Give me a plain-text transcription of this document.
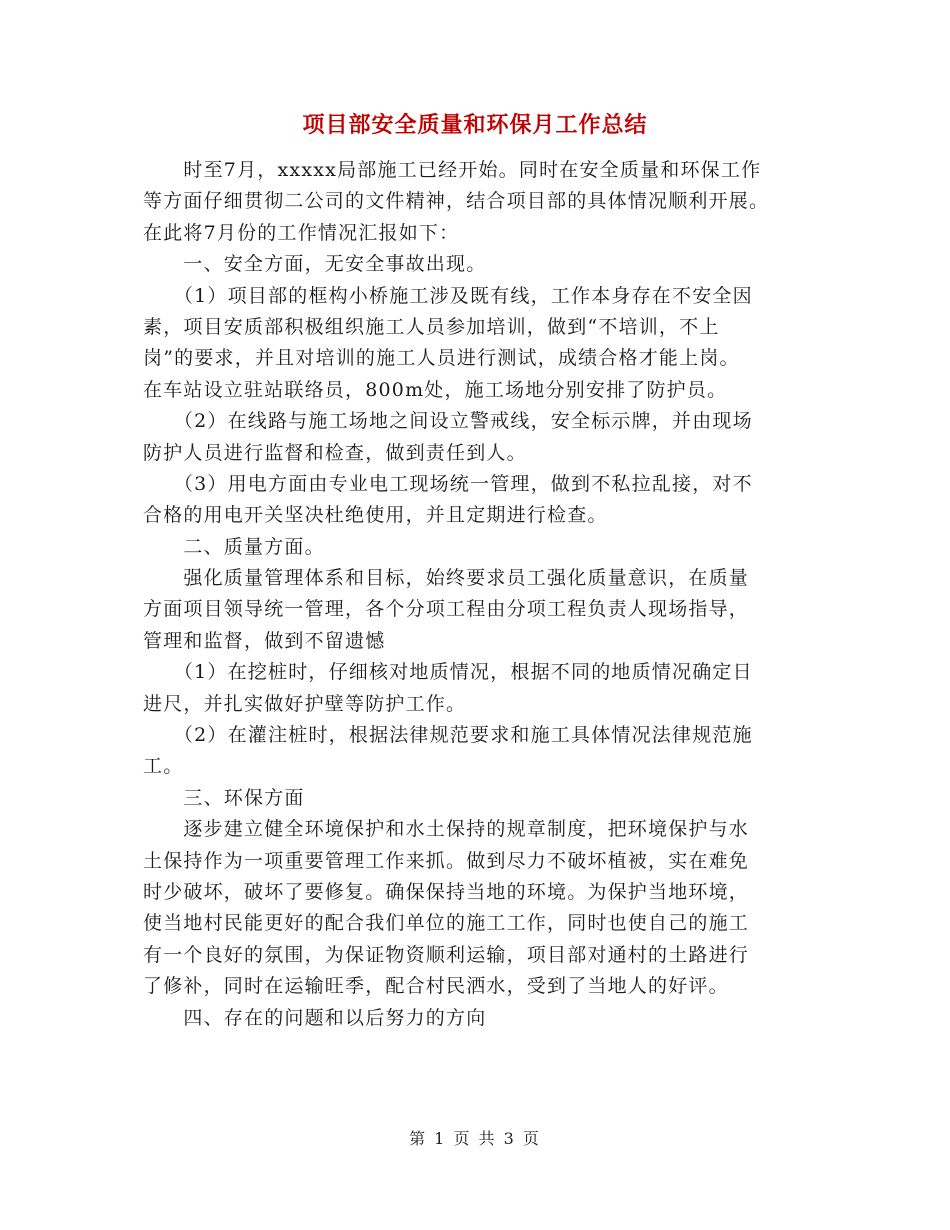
项目部安全质量和环保月工作总结
　　时至7月，xxxxx局部施工已经开始。同时在安全质量和环保工作
等方面仔细贯彻二公司的文件精神，结合项目部的具体情况顺利开展。
在此将7月份的工作情况汇报如下：
　　一、安全方面，无安全事故出现。
　　（1）项目部的框构小桥施工涉及既有线，工作本身存在不安全因
素，项目安质部积极组织施工人员参加培训，做到“不培训，不上
岗”的要求，并且对培训的施工人员进行测试，成绩合格才能上岗。
在车站设立驻站联络员，800m处，施工场地分别安排了防护员。
　　（2）在线路与施工场地之间设立警戒线，安全标示牌，并由现场
防护人员进行监督和检查，做到责任到人。
　　（3）用电方面由专业电工现场统一管理，做到不私拉乱接，对不
合格的用电开关坚决杜绝使用，并且定期进行检查。
　　二、质量方面。
　　强化质量管理体系和目标，始终要求员工强化质量意识，在质量
方面项目领导统一管理，各个分项工程由分项工程负责人现场指导，
管理和监督，做到不留遗憾
　　（1）在挖桩时，仔细核对地质情况，根据不同的地质情况确定日
进尺，并扎实做好护壁等防护工作。
　　（2）在灌注桩时，根据法律规范要求和施工具体情况法律规范施
工。
　　三、环保方面
　　逐步建立健全环境保护和水土保持的规章制度，把环境保护与水
土保持作为一项重要管理工作来抓。做到尽力不破坏植被，实在难免
时少破坏，破坏了要修复。确保保持当地的环境。为保护当地环境，
使当地村民能更好的配合我们单位的施工工作，同时也使自己的施工
有一个良好的氛围，为保证物资顺利运输，项目部对通村的土路进行
了修补，同时在运输旺季，配合村民洒水，受到了当地人的好评。
　　四、存在的问题和以后努力的方向
第 1 页 共 3 页
